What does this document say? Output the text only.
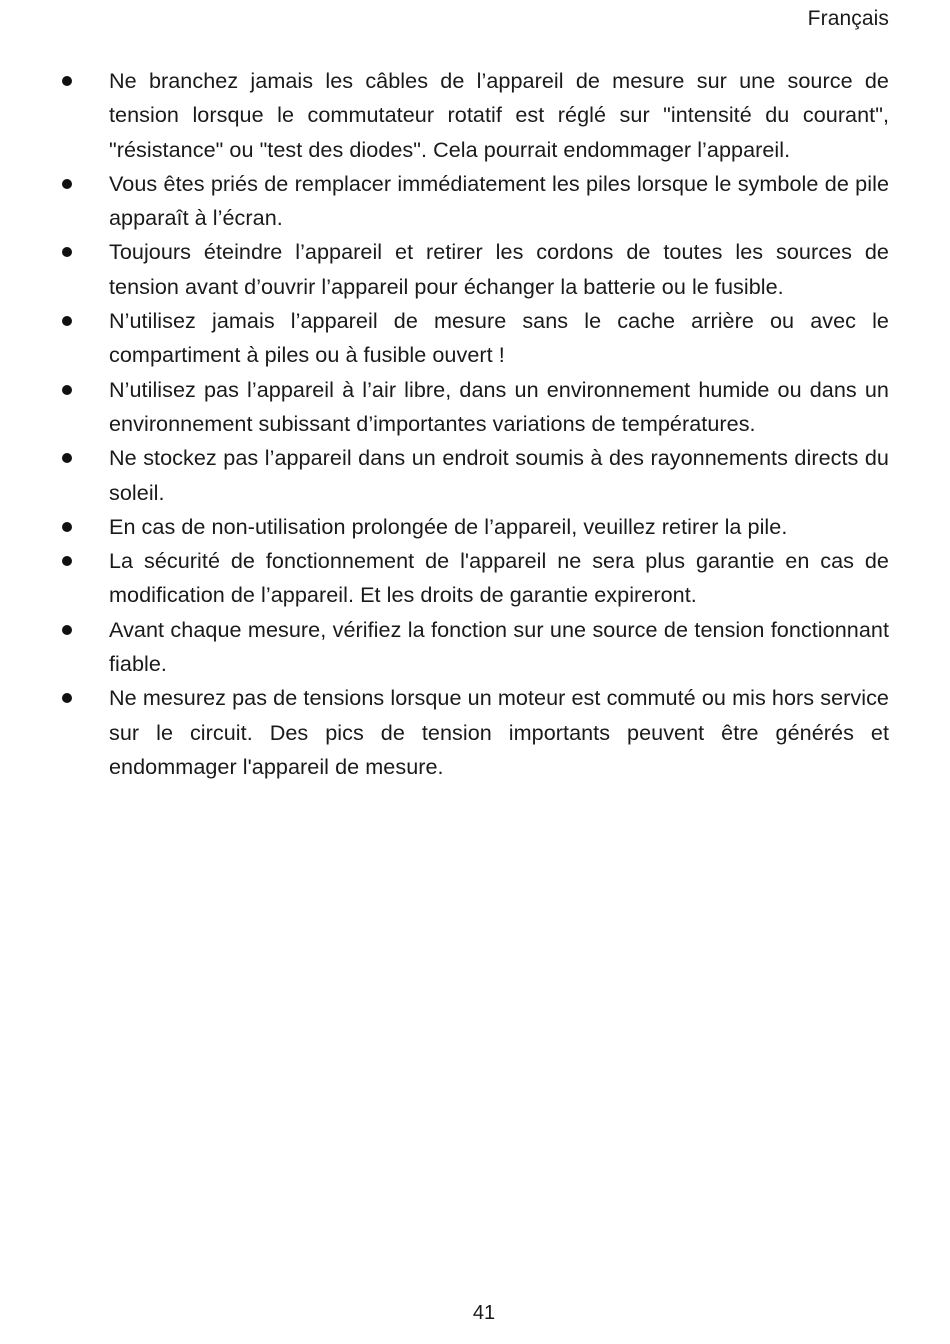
Français
Ne branchez jamais les câbles de l’appareil de mesure sur une source de tension lorsque le commutateur rotatif est réglé sur "intensité du courant", "résistance" ou "test des diodes". Cela pourrait endommager l’appareil.
Vous êtes priés de remplacer immédiatement les piles lorsque le symbole de pile apparaît à l’écran.
Toujours éteindre l’appareil et retirer les cordons de toutes les sources de tension avant d’ouvrir l’appareil pour échanger la batterie ou le fusible.
N’utilisez jamais l’appareil de mesure sans le cache arrière ou avec le compartiment à piles ou à fusible ouvert !
N’utilisez pas l’appareil à l’air libre, dans un environnement humide ou dans un environnement subissant d’importantes variations de températures.
Ne stockez pas l’appareil dans un endroit soumis à des rayonnements directs du soleil.
En cas de non-utilisation prolongée de l’appareil, veuillez retirer la pile.
La sécurité de fonctionnement de l'appareil ne sera plus garantie en cas de modification de l’appareil. Et les droits de garantie expireront.
Avant chaque mesure, vérifiez la fonction sur une source de tension fonctionnant fiable.
Ne mesurez pas de tensions lorsque un moteur est commuté ou mis hors service sur le circuit. Des pics de tension importants peuvent être générés et endommager l'appareil de mesure.
41
